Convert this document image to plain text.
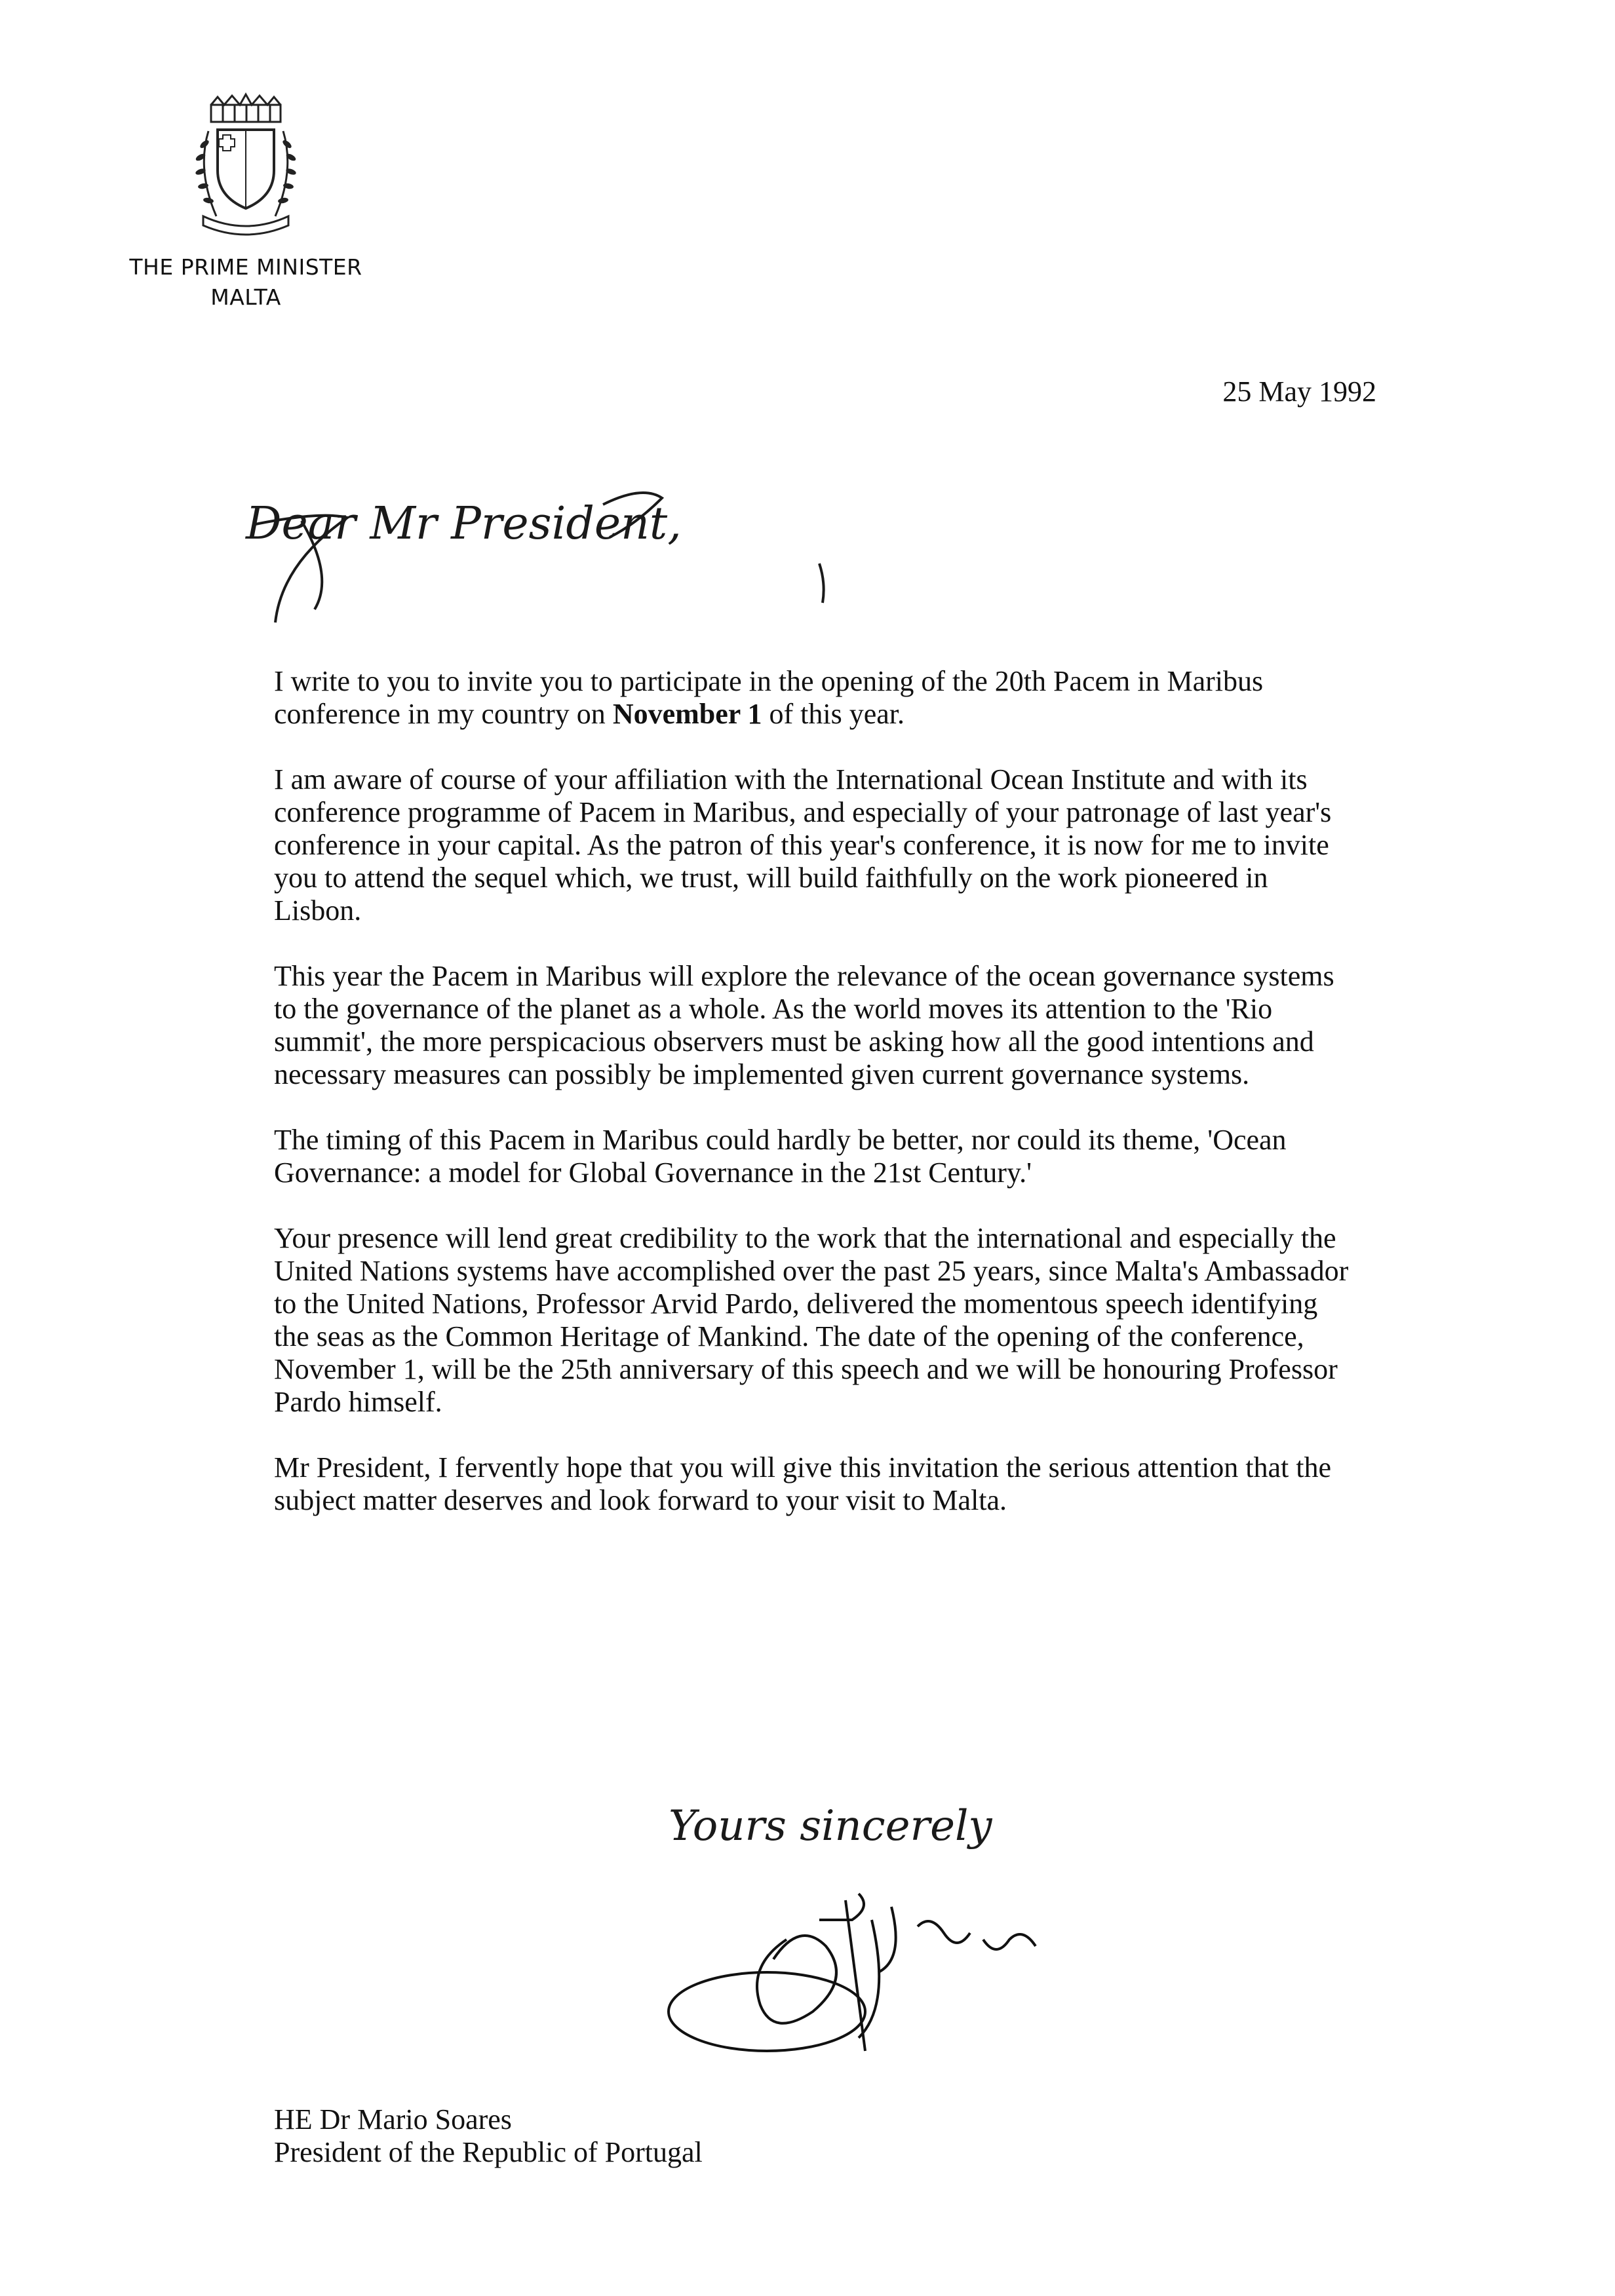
THE PRIME MINISTER
MALTA
25 May 1992
Dear Mr President,

I write to you to invite you to participate in the opening of the 20th Pacem in Maribus conference in my country on November 1 of this year.

I am aware of course of your affiliation with the International Ocean Institute and with its conference programme of Pacem in Maribus, and especially of your patronage of last year's conference in your capital. As the patron of this year's conference, it is now for me to invite you to attend the sequel which, we trust, will build faithfully on the work pioneered in Lisbon.

This year the Pacem in Maribus will explore the relevance of the ocean governance systems to the governance of the planet as a whole. As the world moves its attention to the 'Rio summit', the more perspicacious observers must be asking how all the good intentions and necessary measures can possibly be implemented given current governance systems.

The timing of this Pacem in Maribus could hardly be better, nor could its theme, 'Ocean Governance: a model for Global Governance in the 21st Century.'

Your presence will lend great credibility to the work that the international and especially the United Nations systems have accomplished over the past 25 years, since Malta's Ambassador to the United Nations, Professor Arvid Pardo, delivered the momentous speech identifying the seas as the Common Heritage of Mankind. The date of the opening of the conference, November 1, will be the 25th anniversary of this speech and we will be honouring Professor Pardo himself.

Mr President, I fervently hope that you will give this invitation the serious attention that the subject matter deserves and look forward to your visit to Malta.

Yours sincerely
HE Dr Mario Soares
President of the Republic of Portugal
